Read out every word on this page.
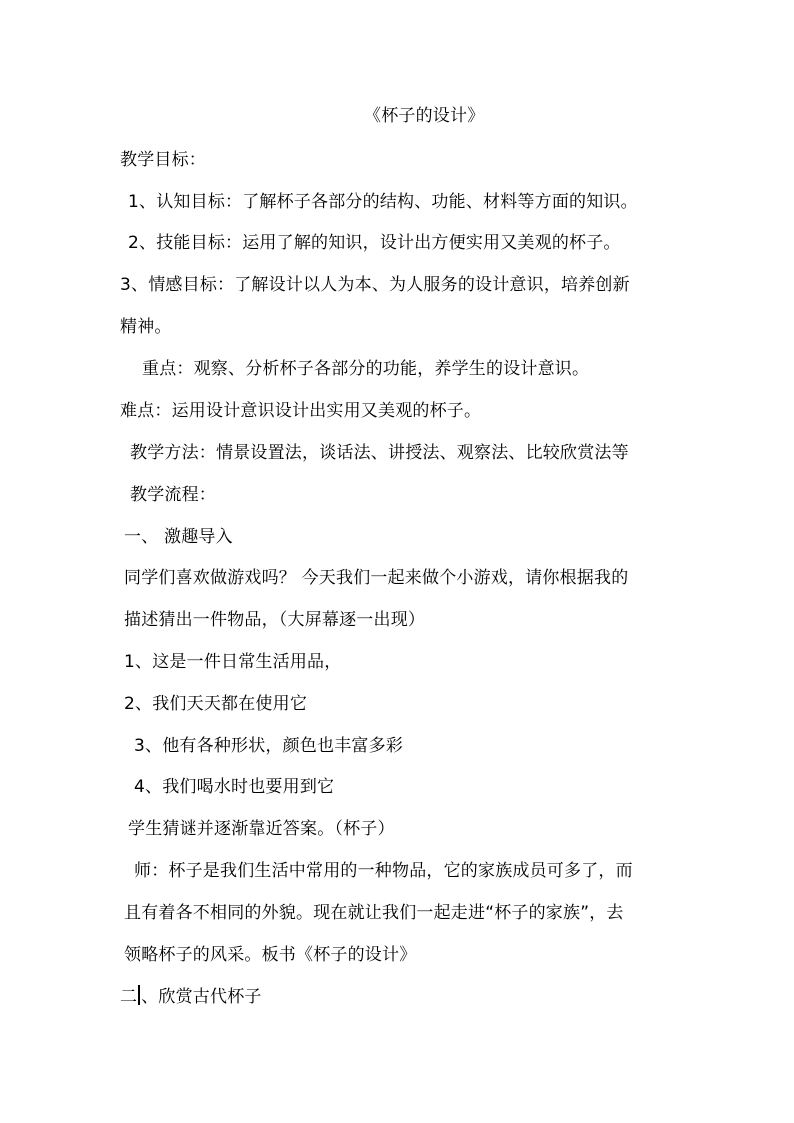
《杯子的设计》
教学目标：
1、认知目标：了解杯子各部分的结构、功能、材料等方面的知识。
2、技能目标：运用了解的知识，设计出方便实用又美观的杯子。
3、情感目标：了解设计以人为本、为人服务的设计意识，培养创新
精神。
重点：观察、分析杯子各部分的功能，养学生的设计意识。
难点：运用设计意识设计出实用又美观的杯子。
教学方法：情景设置法，谈话法、讲授法、观察法、比较欣赏法等
教学流程：
一、 激趣导入
同学们喜欢做游戏吗？ 今天我们一起来做个小游戏，请你根据我的
描述猜出一件物品，（大屏幕逐一出现）
1、这是一件日常生活用品，
2、我们天天都在使用它
3、他有各种形状，颜色也丰富多彩
4、我们喝水时也要用到它
学生猜谜并逐渐靠近答案。（杯子）
师：杯子是我们生活中常用的一种物品，它的家族成员可多了，而
且有着各不相同的外貌。现在就让我们一起走进“杯子的家族”，去
领略杯子的风采。板书《杯子的设计》
二 、欣赏古代杯子
